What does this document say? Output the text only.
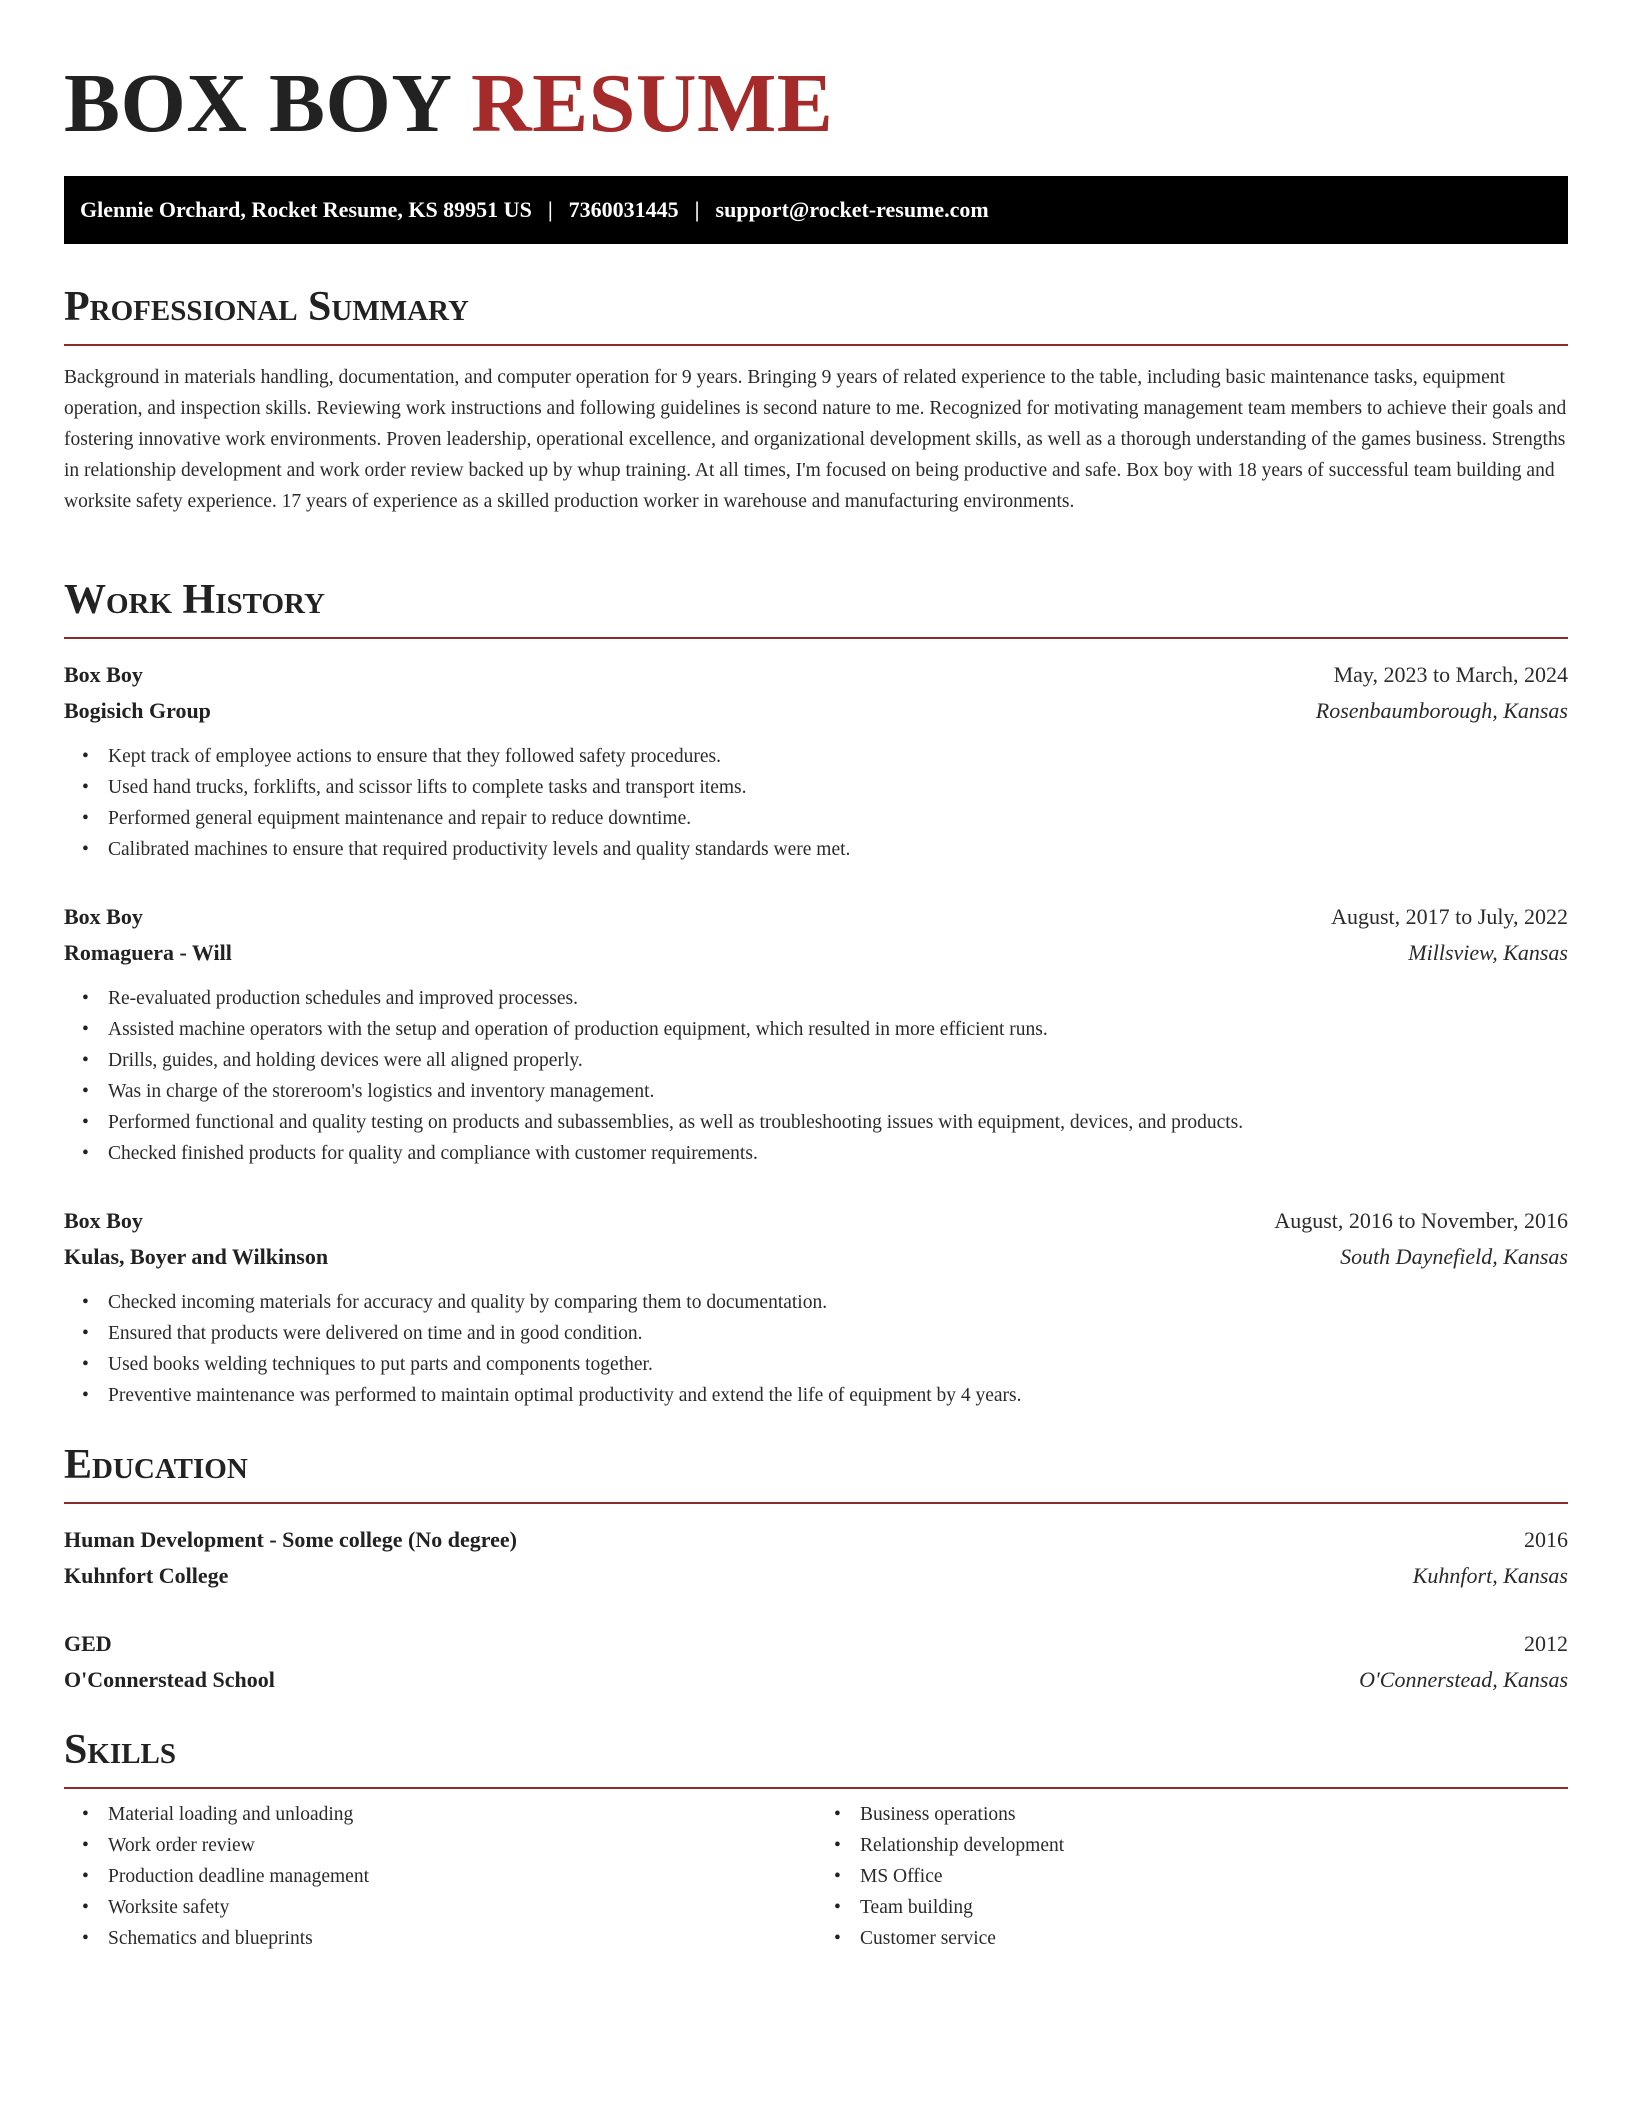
BOX BOY RESUME
Glennie Orchard, Rocket Resume, KS 89951 US | 7360031445 | support@rocket-resume.com
Professional Summary

Background in materials handling, documentation, and computer operation for 9 years. Bringing 9 years of related experience to the table, including basic maintenance tasks, equipment operation, and inspection skills. Reviewing work instructions and following guidelines is second nature to me. Recognized for motivating management team members to achieve their goals and fostering innovative work environments. Proven leadership, operational excellence, and organizational development skills, as well as a thorough understanding of the games business. Strengths in relationship development and work order review backed up by whup training. At all times, I'm focused on being productive and safe. Box boy with 18 years of successful team building and worksite safety experience. 17 years of experience as a skilled production worker in warehouse and manufacturing environments.

Work History
Box Boy	May, 2023 to March, 2024
Bogisich Group	Rosenbaumborough, Kansas
• Kept track of employee actions to ensure that they followed safety procedures.
• Used hand trucks, forklifts, and scissor lifts to complete tasks and transport items.
• Performed general equipment maintenance and repair to reduce downtime.
• Calibrated machines to ensure that required productivity levels and quality standards were met.
Box Boy	August, 2017 to July, 2022
Romaguera - Will	Millsview, Kansas
• Re-evaluated production schedules and improved processes.
• Assisted machine operators with the setup and operation of production equipment, which resulted in more efficient runs.
• Drills, guides, and holding devices were all aligned properly.
• Was in charge of the storeroom's logistics and inventory management.
• Performed functional and quality testing on products and subassemblies, as well as troubleshooting issues with equipment, devices, and products.
• Checked finished products for quality and compliance with customer requirements.
Box Boy	August, 2016 to November, 2016
Kulas, Boyer and Wilkinson	South Daynefield, Kansas
• Checked incoming materials for accuracy and quality by comparing them to documentation.
• Ensured that products were delivered on time and in good condition.
• Used books welding techniques to put parts and components together.
• Preventive maintenance was performed to maintain optimal productivity and extend the life of equipment by 4 years.
Education
Human Development - Some college (No degree)	2016
Kuhnfort College	Kuhnfort, Kansas
GED	2012
O'Connerstead School	O'Connerstead, Kansas
Skills
• Material loading and unloading
• Work order review
• Production deadline management
• Worksite safety
• Schematics and blueprints
• Business operations
• Relationship development
• MS Office
• Team building
• Customer service
